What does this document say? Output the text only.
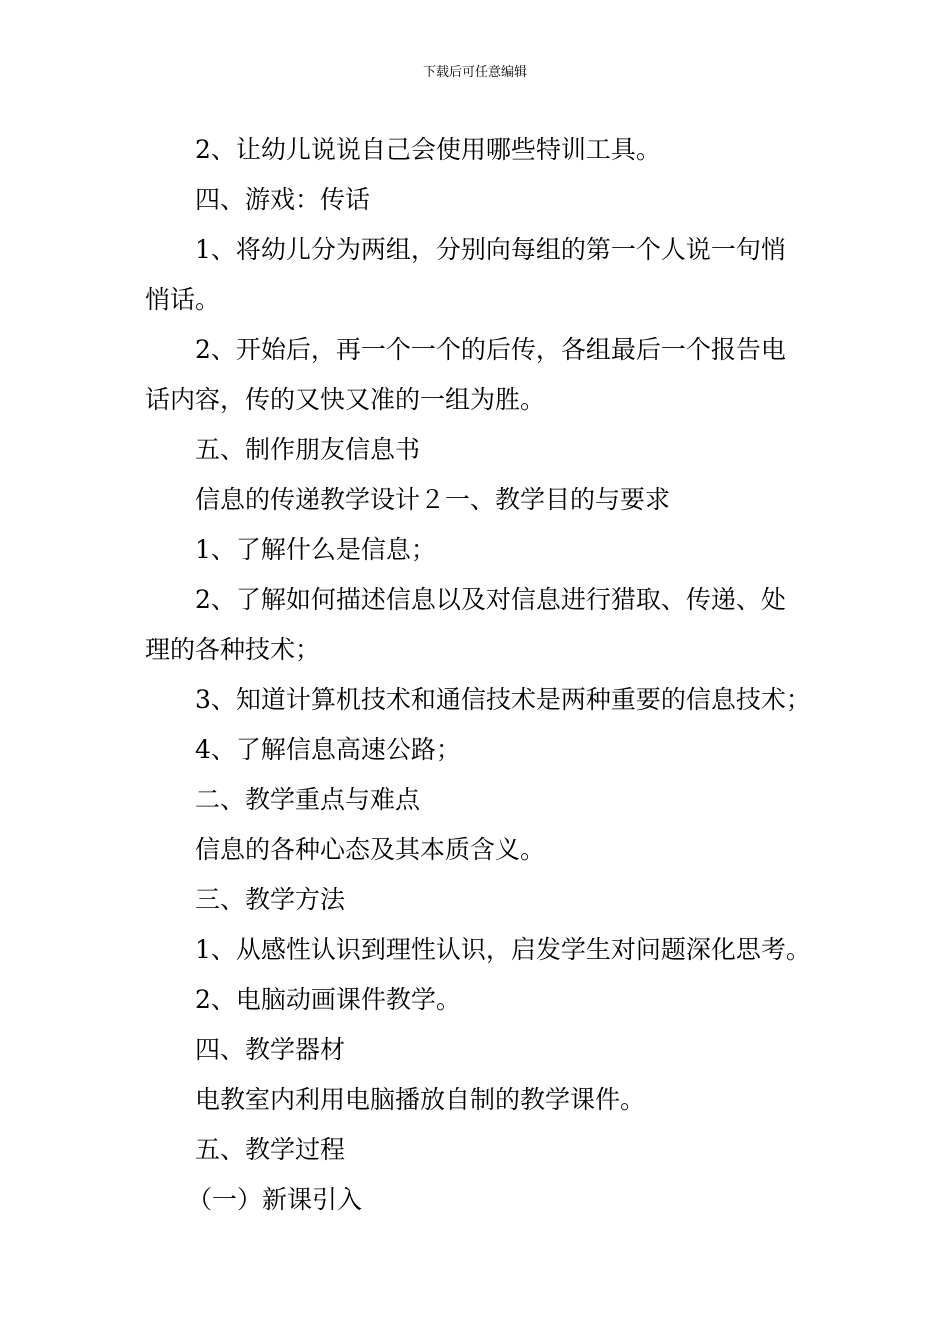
下载后可任意编辑

2、让幼儿说说自己会使用哪些特训工具。

四、游戏：传话

1、将幼儿分为两组，分别向每组的第一个人说一句悄

悄话。

2、开始后，再一个一个的后传，各组最后一个报告电

话内容，传的又快又准的一组为胜。

五、制作朋友信息书

信息的传递教学设计２一、教学目的与要求

1、了解什么是信息；

2、了解如何描述信息以及对信息进行猎取、传递、处

理的各种技术；

3、知道计算机技术和通信技术是两种重要的信息技术；

4、了解信息高速公路；

二、教学重点与难点

信息的各种心态及其本质含义。

三、教学方法

1、从感性认识到理性认识，启发学生对问题深化思考。

2、电脑动画课件教学。

四、教学器材

电教室内利用电脑播放自制的教学课件。

五、教学过程

（一）新课引入
